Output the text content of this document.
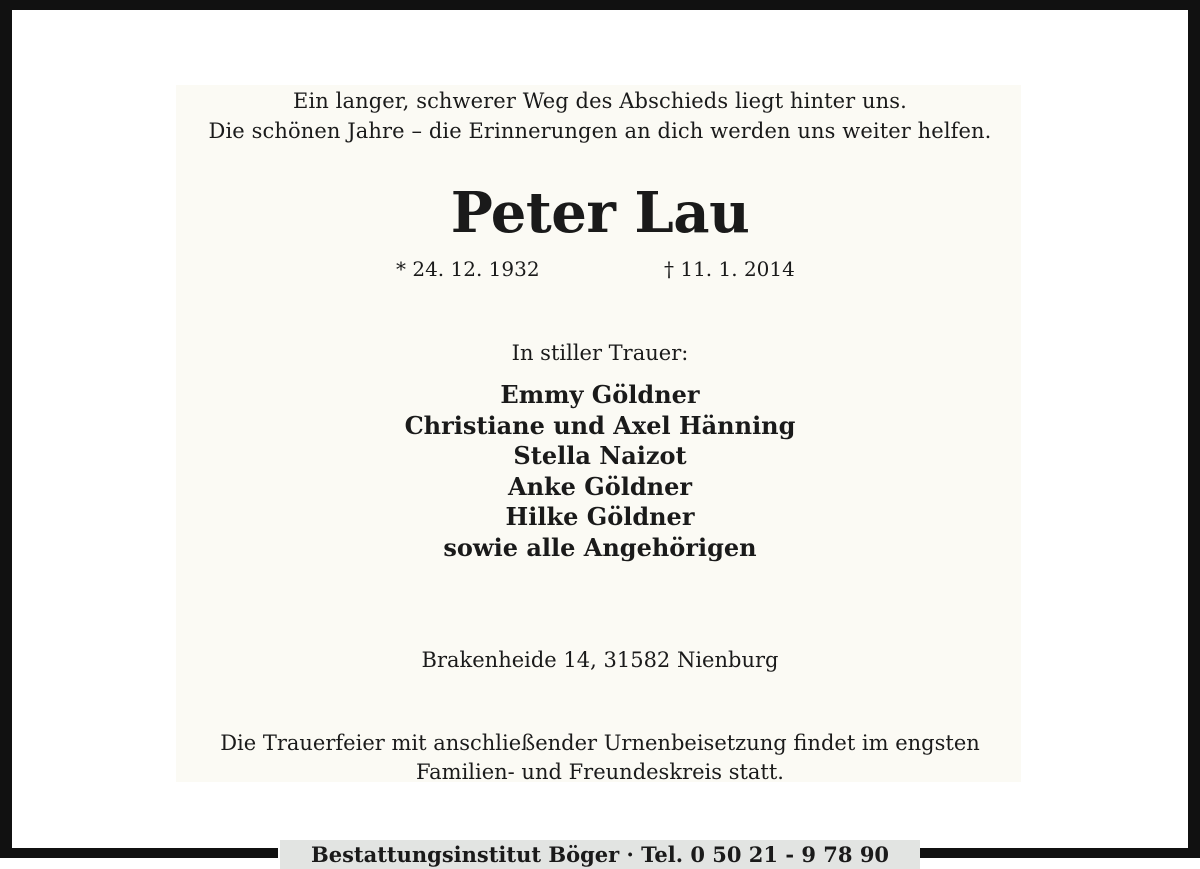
Ein langer, schwerer Weg des Abschieds liegt hinter uns.
Die schönen Jahre – die Erinnerungen an dich werden uns weiter helfen.
Peter Lau
* 24. 12. 1932	† 11. 1. 2014
In stiller Trauer:
Emmy Göldner
Christiane und Axel Hänning
Stella Naizot
Anke Göldner
Hilke Göldner
sowie alle Angehörigen
Brakenheide 14, 31582 Nienburg
Die Trauerfeier mit anschließender Urnenbeisetzung findet im engsten
Familien- und Freundeskreis statt.
Bestattungsinstitut Böger · Tel. 0 50 21 - 9 78 90
